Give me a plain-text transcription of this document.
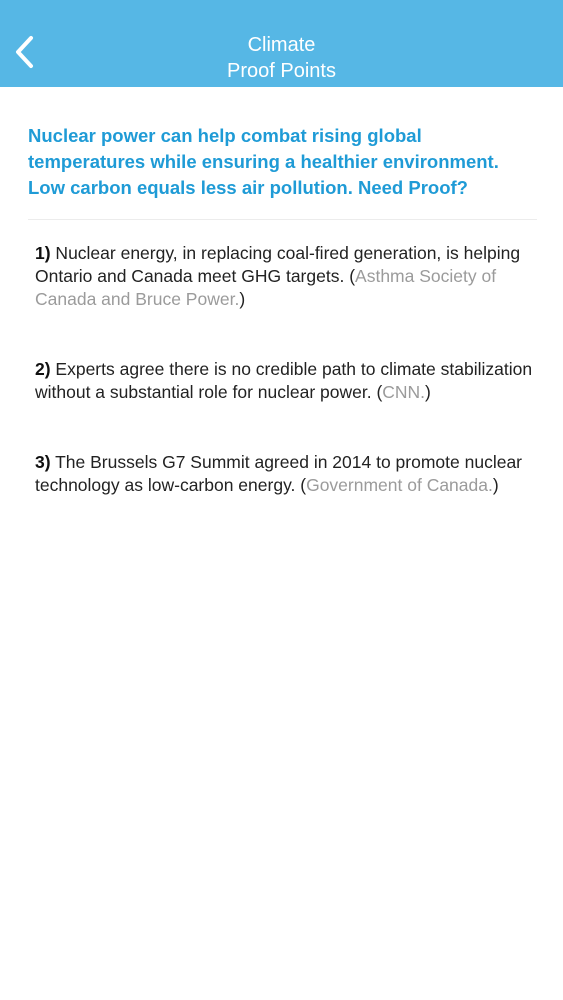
Climate
Proof Points
Nuclear power can help combat rising global temperatures while ensuring a healthier environment. Low carbon equals less air pollution. Need Proof?
1) Nuclear energy, in replacing coal-fired generation, is helping Ontario and Canada meet GHG targets. (Asthma Society of Canada and Bruce Power.)
2) Experts agree there is no credible path to climate stabilization without a substantial role for nuclear power. (CNN.)
3) The Brussels G7 Summit agreed in 2014 to promote nuclear technology as low-carbon energy. (Government of Canada.)
